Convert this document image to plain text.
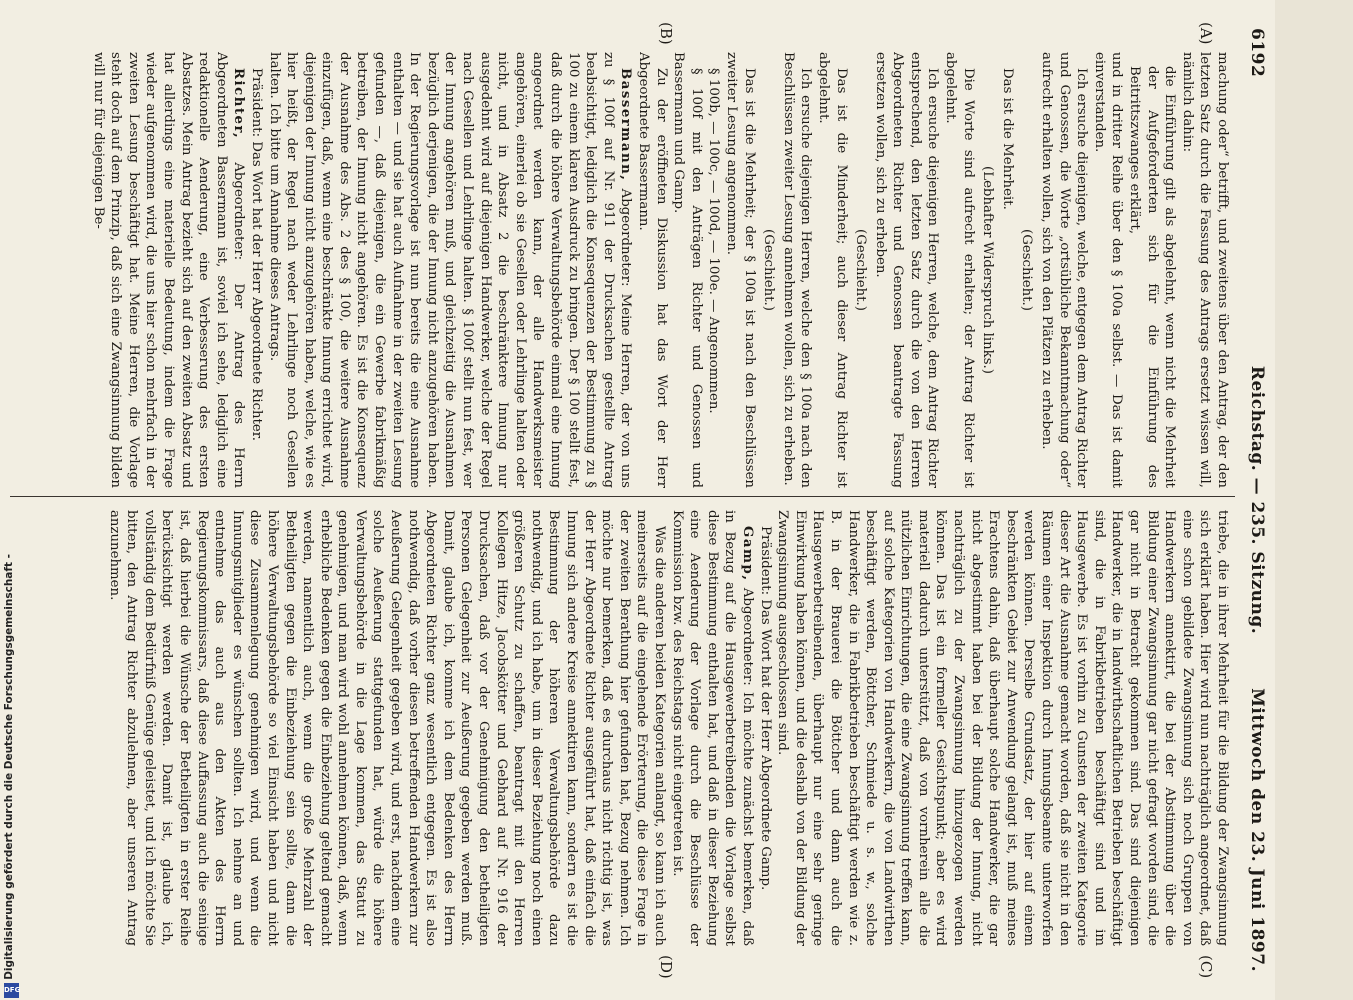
6192
Reichstag. — 235. Sitzung.
Mittwoch den 23. Juni 1897.
(A)
(B)
(C)
(D)

machung oder“ betrifft, und zweitens über den Antrag, der den letzten Satz durch die Fassung des Antrags ersetzt wissen will, nämlich dahin:

die Einführung gilt als abgelehnt, wenn nicht die Mehrheit der Aufgeforderten sich für die Einführung des Beitrittszwanges erklärt,

und in dritter Reihe über den § 100a selbst. — Das ist damit einverstanden.

Ich ersuche diejenigen, welche, entgegen dem Antrag Richter und Genossen, die Worte „ortsübliche Bekanntmachung oder“ aufrecht erhalten wollen, sich von den Plätzen zu erheben.

(Geschieht.)

Das ist die Mehrheit.

(Lebhafter Widerspruch links.)

Die Worte sind aufrecht erhalten; der Antrag Richter ist abgelehnt.

Ich ersuche diejenigen Herren, welche, dem Antrag Richter entsprechend, den letzten Satz durch die von den Herren Abgeordneten Richter und Genossen beantragte Fassung ersetzen wollen, sich zu erheben.

(Geschieht.)

Das ist die Minderheit; auch dieser Antrag Richter ist abgelehnt.

Ich ersuche diejenigen Herren, welche den § 100a nach den Beschlüssen zweiter Lesung annehmen wollen, sich zu erheben.

(Geschieht.)

Das ist die Mehrheit; der § 100a ist nach den Beschlüssen zweiter Lesung angenommen.

§ 100b, — 100c, — 100d, — 100e. — Angenommen.

§ 100f mit den Anträgen Richter und Genossen und Bassermann und Gamp.

Zu der eröffneten Diskussion hat das Wort der Herr Abgeordnete Bassermann.

Bassermann, Abgeordneter: Meine Herren, der von uns zu § 100f auf Nr. 911 der Drucksachen gestellte Antrag beabsichtigt, lediglich die Konsequenzen der Bestimmung zu § 100 zu einem klaren Ausdruck zu bringen. Der § 100 stellt fest, daß durch die höhere Verwaltungsbehörde einmal eine Innung angeordnet werden kann, der alle Handwerksmeister angehören, einerlei ob sie Gesellen oder Lehrlinge halten oder nicht, und in Absatz 2 die beschränktere Innung nur ausgedehnt wird auf diejenigen Handwerker, welche der Regel nach Gesellen und Lehrlinge halten. § 100f stellt nun fest, wer der Innung angehören muß, und gleichzeitig die Ausnahmen bezüglich derjenigen, die der Innung nicht anzugehören haben. In der Regierungsvorlage ist nun bereits die eine Ausnahme enthalten — und sie hat auch Aufnahme in der zweiten Lesung gefunden —, daß diejenigen, die ein Gewerbe fabrikmäßig betreiben, der Innung nicht angehören. Es ist die Konsequenz der Ausnahme des Abs. 2 des § 100, die weitere Ausnahme einzufügen, daß, wenn eine beschränkte Innung errichtet wird, diejenigen der Innung nicht anzugehören haben, welche, wie es hier heißt, der Regel nach weder Lehrlinge noch Gesellen halten. Ich bitte um Annahme dieses Antrags.

Präsident: Das Wort hat der Herr Abgeordnete Richter.

Richter, Abgeordneter: Der Antrag des Herrn Abgeordneten Bassermann ist, soviel ich sehe, lediglich eine redaktionelle Aenderung, eine Verbesserung des ersten Absatzes. Mein Antrag bezieht sich auf den zweiten Absatz und hat allerdings eine materielle Bedeutung, indem die Frage wieder aufgenommen wird, die uns hier schon mehrfach in der zweiten Lesung beschäftigt hat. Meine Herren, die Vorlage steht doch auf dem Prinzip, daß sich eine Zwangsinnung bilden will nur für diejenigen Be-

triebe, die in ihrer Mehrheit für die Bildung der Zwangsinnung sich erklärt haben. Hier wird nun nachträglich angeordnet, daß eine schon gebildete Zwangsinnung sich noch Gruppen von Handwerkern annektirt, die bei der Abstimmung über die Bildung einer Zwangsinnung gar nicht gefragt worden sind, die gar nicht in Betracht gekommen sind. Das sind diejenigen Handwerker, die in landwirthschaftlichen Betrieben beschäftigt sind, die in Fabrikbetrieben beschäftigt sind und im Hausgewerbe. Es ist vorhin zu Gunsten der zweiten Kategorie dieser Art die Ausnahme gemacht worden, daß sie nicht in den Räumen einer Inspektion durch Innungsbeamte unterworfen werden können. Derselbe Grundsatz, der hier auf einem beschränkten Gebiet zur Anwendung gelangt ist, muß meines Erachtens dahin, daß überhaupt solche Handwerker, die gar nicht abgestimmt haben bei der Bildung der Innung, nicht nachträglich zu der Zwangsinnung hinzugezogen werden können. Das ist ein formeller Gesichtspunkt; aber es wird materiell dadurch unterstützt, daß von vornherein alle die nützlichen Einrichtungen, die eine Zwangsinnung treffen kann, auf solche Kategorien von Handwerkern, die von Landwirthen beschäftigt werden, Böttcher, Schmiede u. s. w., solche Handwerker, die in Fabrikbetrieben beschäftigt werden wie z. B. in der Brauerei die Böttcher und dann auch die Hausgewerbetreibenden, überhaupt nur eine sehr geringe Einwirkung haben können, und die deshalb von der Bildung der Zwangsinnung ausgeschlossen sind.

Präsident: Das Wort hat der Herr Abgeordnete Gamp.

Gamp, Abgeordneter: Ich möchte zunächst bemerken, daß in Bezug auf die Hausgewerbetreibenden die Vorlage selbst diese Bestimmung enthalten hat, und daß in dieser Beziehung eine Aenderung der Vorlage durch die Beschlüsse der Kommission bzw. des Reichstags nicht eingetreten ist.

Was die anderen beiden Kategorien anlangt, so kann ich auch meinerseits auf die eingehende Erörterung, die diese Frage in der zweiten Berathung hier gefunden hat, Bezug nehmen. Ich möchte nur bemerken, daß es durchaus nicht richtig ist, was der Herr Abgeordnete Richter ausgeführt hat, daß einfach die Innung sich andere Kreise annektiren kann, sondern es ist die Bestimmung der höheren Verwaltungsbehörde dazu nothwendig, und ich habe, um in dieser Beziehung noch einen größeren Schutz zu schaffen, beantragt mit den Herren Kollegen Hitze, Jacobskötter und Gebhard auf Nr. 916 der Drucksachen, daß vor der Genehmigung den betheiligten Personen Gelegenheit zur Aeußerung gegeben werden muß. Damit, glaube ich, komme ich dem Bedenken des Herrn Abgeordneten Richter ganz wesentlich entgegen. Es ist also nothwendig, daß vorher diesen betreffenden Handwerkern zur Aeußerung Gelegenheit gegeben wird, und erst, nachdem eine solche Aeußerung stattgefunden hat, würde die höhere Verwaltungsbehörde in die Lage kommen, das Statut zu genehmigen, und man wird wohl annehmen können, daß, wenn erhebliche Bedenken gegen die Einbeziehung geltend gemacht werden, namentlich auch, wenn die große Mehrzahl der Betheiligten gegen die Einbeziehung sein sollte, dann die höhere Verwaltungsbehörde so viel Einsicht haben und nicht diese Zusammenlegung genehmigen wird, und wenn die Innungsmitglieder es wünschen sollten. Ich nehme an und entnehme das auch aus den Akten des Herrn Regierungskommissars, daß diese Auffassung auch die seinige ist, daß hierbei die Wünsche der Betheiligten in erster Reihe berücksichtigt werden werden. Damit ist, glaube ich, vollständig dem Bedürfniß Genüge geleistet, und ich möchte Sie bitten, den Antrag Richter abzulehnen, aber unseren Antrag anzunehmen.

Digitalisierung gefördert durch die Deutsche Forschungsgemeinschaft -
DFG
